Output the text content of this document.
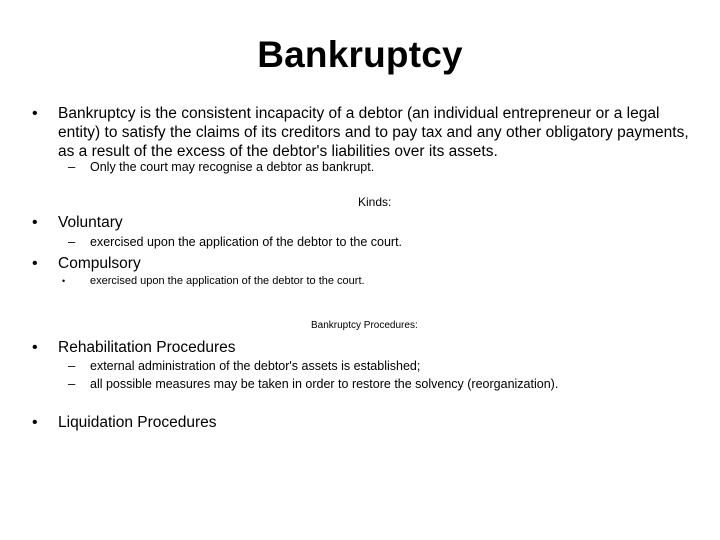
Bankruptcy
• Bankruptcy is the consistent incapacity of a debtor (an individual entrepreneur or a legal entity) to satisfy the claims of its creditors and to pay tax and any other obligatory payments, as a result of the excess of the debtor's liabilities over its assets.
– Only the court may recognise a debtor as bankrupt.
Kinds:
• Voluntary
– exercised upon the application of the debtor to the court.
• Compulsory
• exercised upon the application of the debtor to the court.
Bankruptcy Procedures:
• Rehabilitation Procedures
– external administration of the debtor's assets is established;
– all possible measures may be taken in order to restore the solvency (reorganization).
• Liquidation Procedures
